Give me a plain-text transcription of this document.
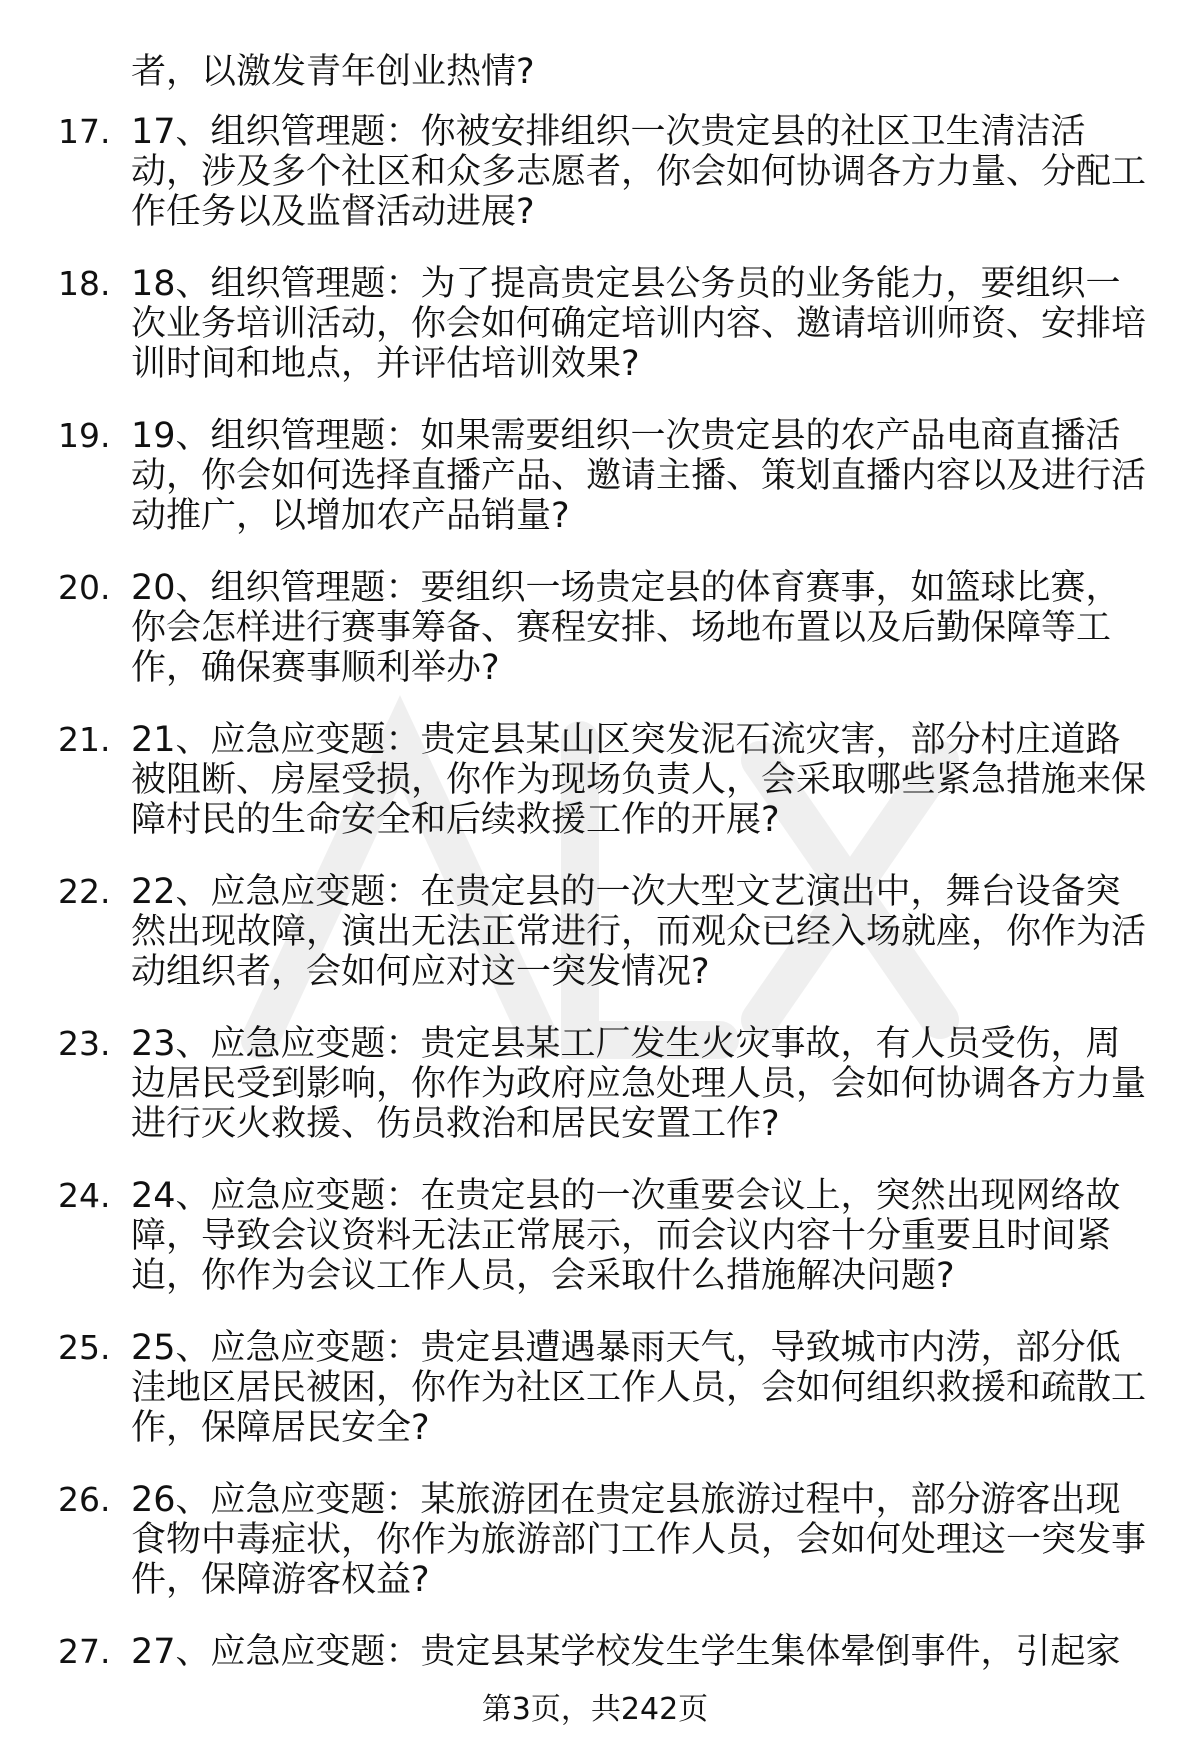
者，以激发青年创业热情?
17. 17、组织管理题：你被安排组织一次贵定县的社区卫生清洁活动，涉及多个社区和众多志愿者，你会如何协调各方力量、分配工作任务以及监督活动进展?
18. 18、组织管理题：为了提高贵定县公务员的业务能力，要组织一次业务培训活动，你会如何确定培训内容、邀请培训师资、安排培训时间和地点，并评估培训效果?
19. 19、组织管理题：如果需要组织一次贵定县的农产品电商直播活动，你会如何选择直播产品、邀请主播、策划直播内容以及进行活动推广，以增加农产品销量?
20. 20、组织管理题：要组织一场贵定县的体育赛事，如篮球比赛，你会怎样进行赛事筹备、赛程安排、场地布置以及后勤保障等工作，确保赛事顺利举办?
21. 21、应急应变题：贵定县某山区突发泥石流灾害，部分村庄道路被阻断、房屋受损，你作为现场负责人，会采取哪些紧急措施来保障村民的生命安全和后续救援工作的开展?
22. 22、应急应变题：在贵定县的一次大型文艺演出中，舞台设备突然出现故障，演出无法正常进行，而观众已经入场就座，你作为活动组织者，会如何应对这一突发情况?
23. 23、应急应变题：贵定县某工厂发生火灾事故，有人员受伤，周边居民受到影响，你作为政府应急处理人员，会如何协调各方力量进行灭火救援、伤员救治和居民安置工作?
24. 24、应急应变题：在贵定县的一次重要会议上，突然出现网络故障，导致会议资料无法正常展示，而会议内容十分重要且时间紧迫，你作为会议工作人员，会采取什么措施解决问题?
25. 25、应急应变题：贵定县遭遇暴雨天气，导致城市内涝，部分低洼地区居民被困，你作为社区工作人员，会如何组织救援和疏散工作，保障居民安全?
26. 26、应急应变题：某旅游团在贵定县旅游过程中，部分游客出现食物中毒症状，你作为旅游部门工作人员，会如何处理这一突发事件，保障游客权益?
27. 27、应急应变题：贵定县某学校发生学生集体晕倒事件，引起家
第3页，共242页
